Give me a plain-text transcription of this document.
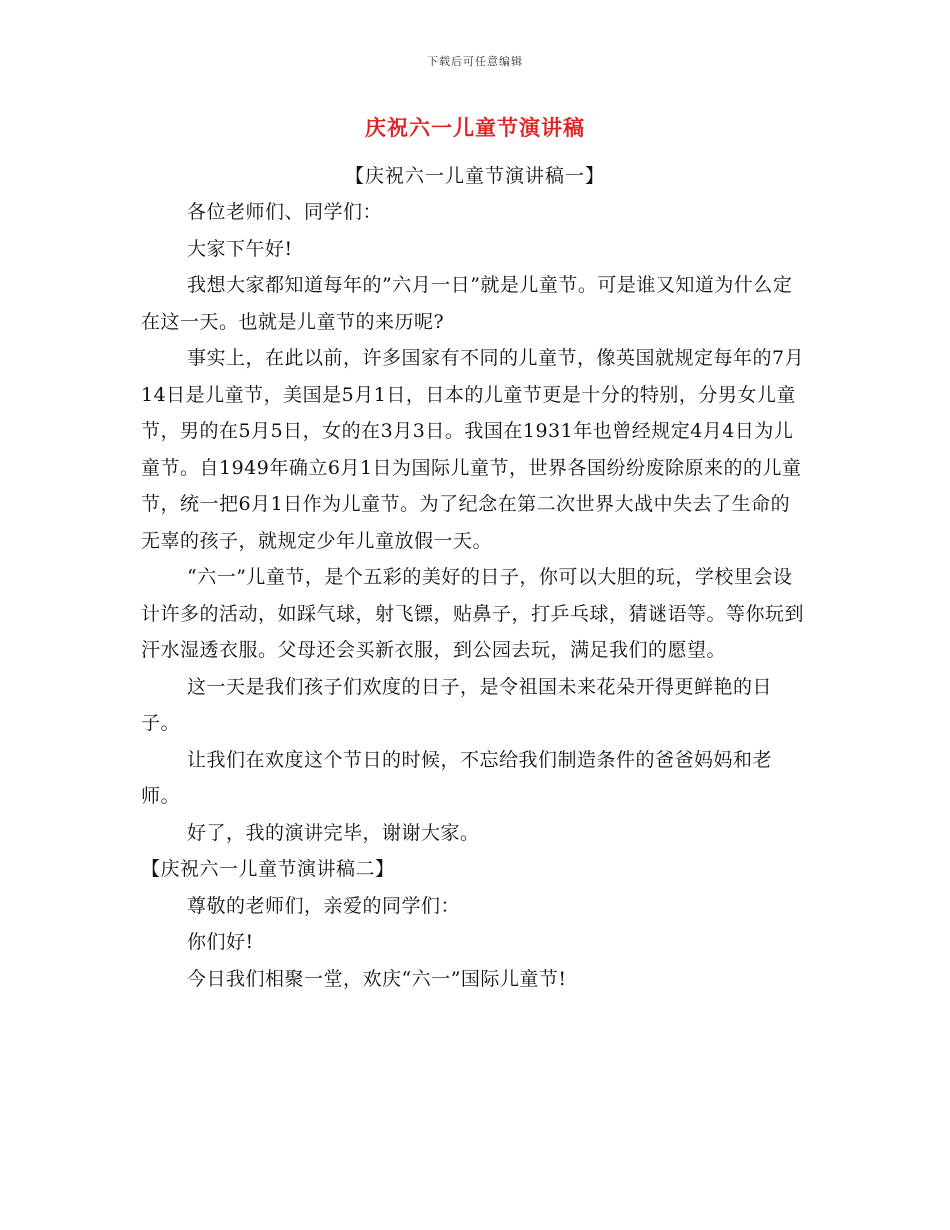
下载后可任意编辑
庆祝六一儿童节演讲稿
【庆祝六一儿童节演讲稿一】

各位老师们、同学们：

大家下午好!

我想大家都知道每年的”六月一日”就是儿童节。可是谁又知道为什么定在这一天。也就是儿童节的来历呢?

事实上，在此以前，许多国家有不同的儿童节，像英国就规定每年的7月14日是儿童节，美国是5月1日，日本的儿童节更是十分的特别，分男女儿童节，男的在5月5日，女的在3月3日。我国在1931年也曾经规定4月4日为儿童节。自1949年确立6月1日为国际儿童节，世界各国纷纷废除原来的的儿童节，统一把6月1日作为儿童节。为了纪念在第二次世界大战中失去了生命的无辜的孩子，就规定少年儿童放假一天。

“六一”儿童节，是个五彩的美好的日子，你可以大胆的玩，学校里会设计许多的活动，如踩气球，射飞镖，贴鼻子，打乒乓球，猜谜语等。等你玩到汗水湿透衣服。父母还会买新衣服，到公园去玩，满足我们的愿望。

这一天是我们孩子们欢度的日子，是令祖国未来花朵开得更鲜艳的日子。

让我们在欢度这个节日的时候，不忘给我们制造条件的爸爸妈妈和老师。

好了，我的演讲完毕，谢谢大家。

【庆祝六一儿童节演讲稿二】

尊敬的老师们，亲爱的同学们：

你们好!

今日我们相聚一堂，欢庆“六一”国际儿童节!
